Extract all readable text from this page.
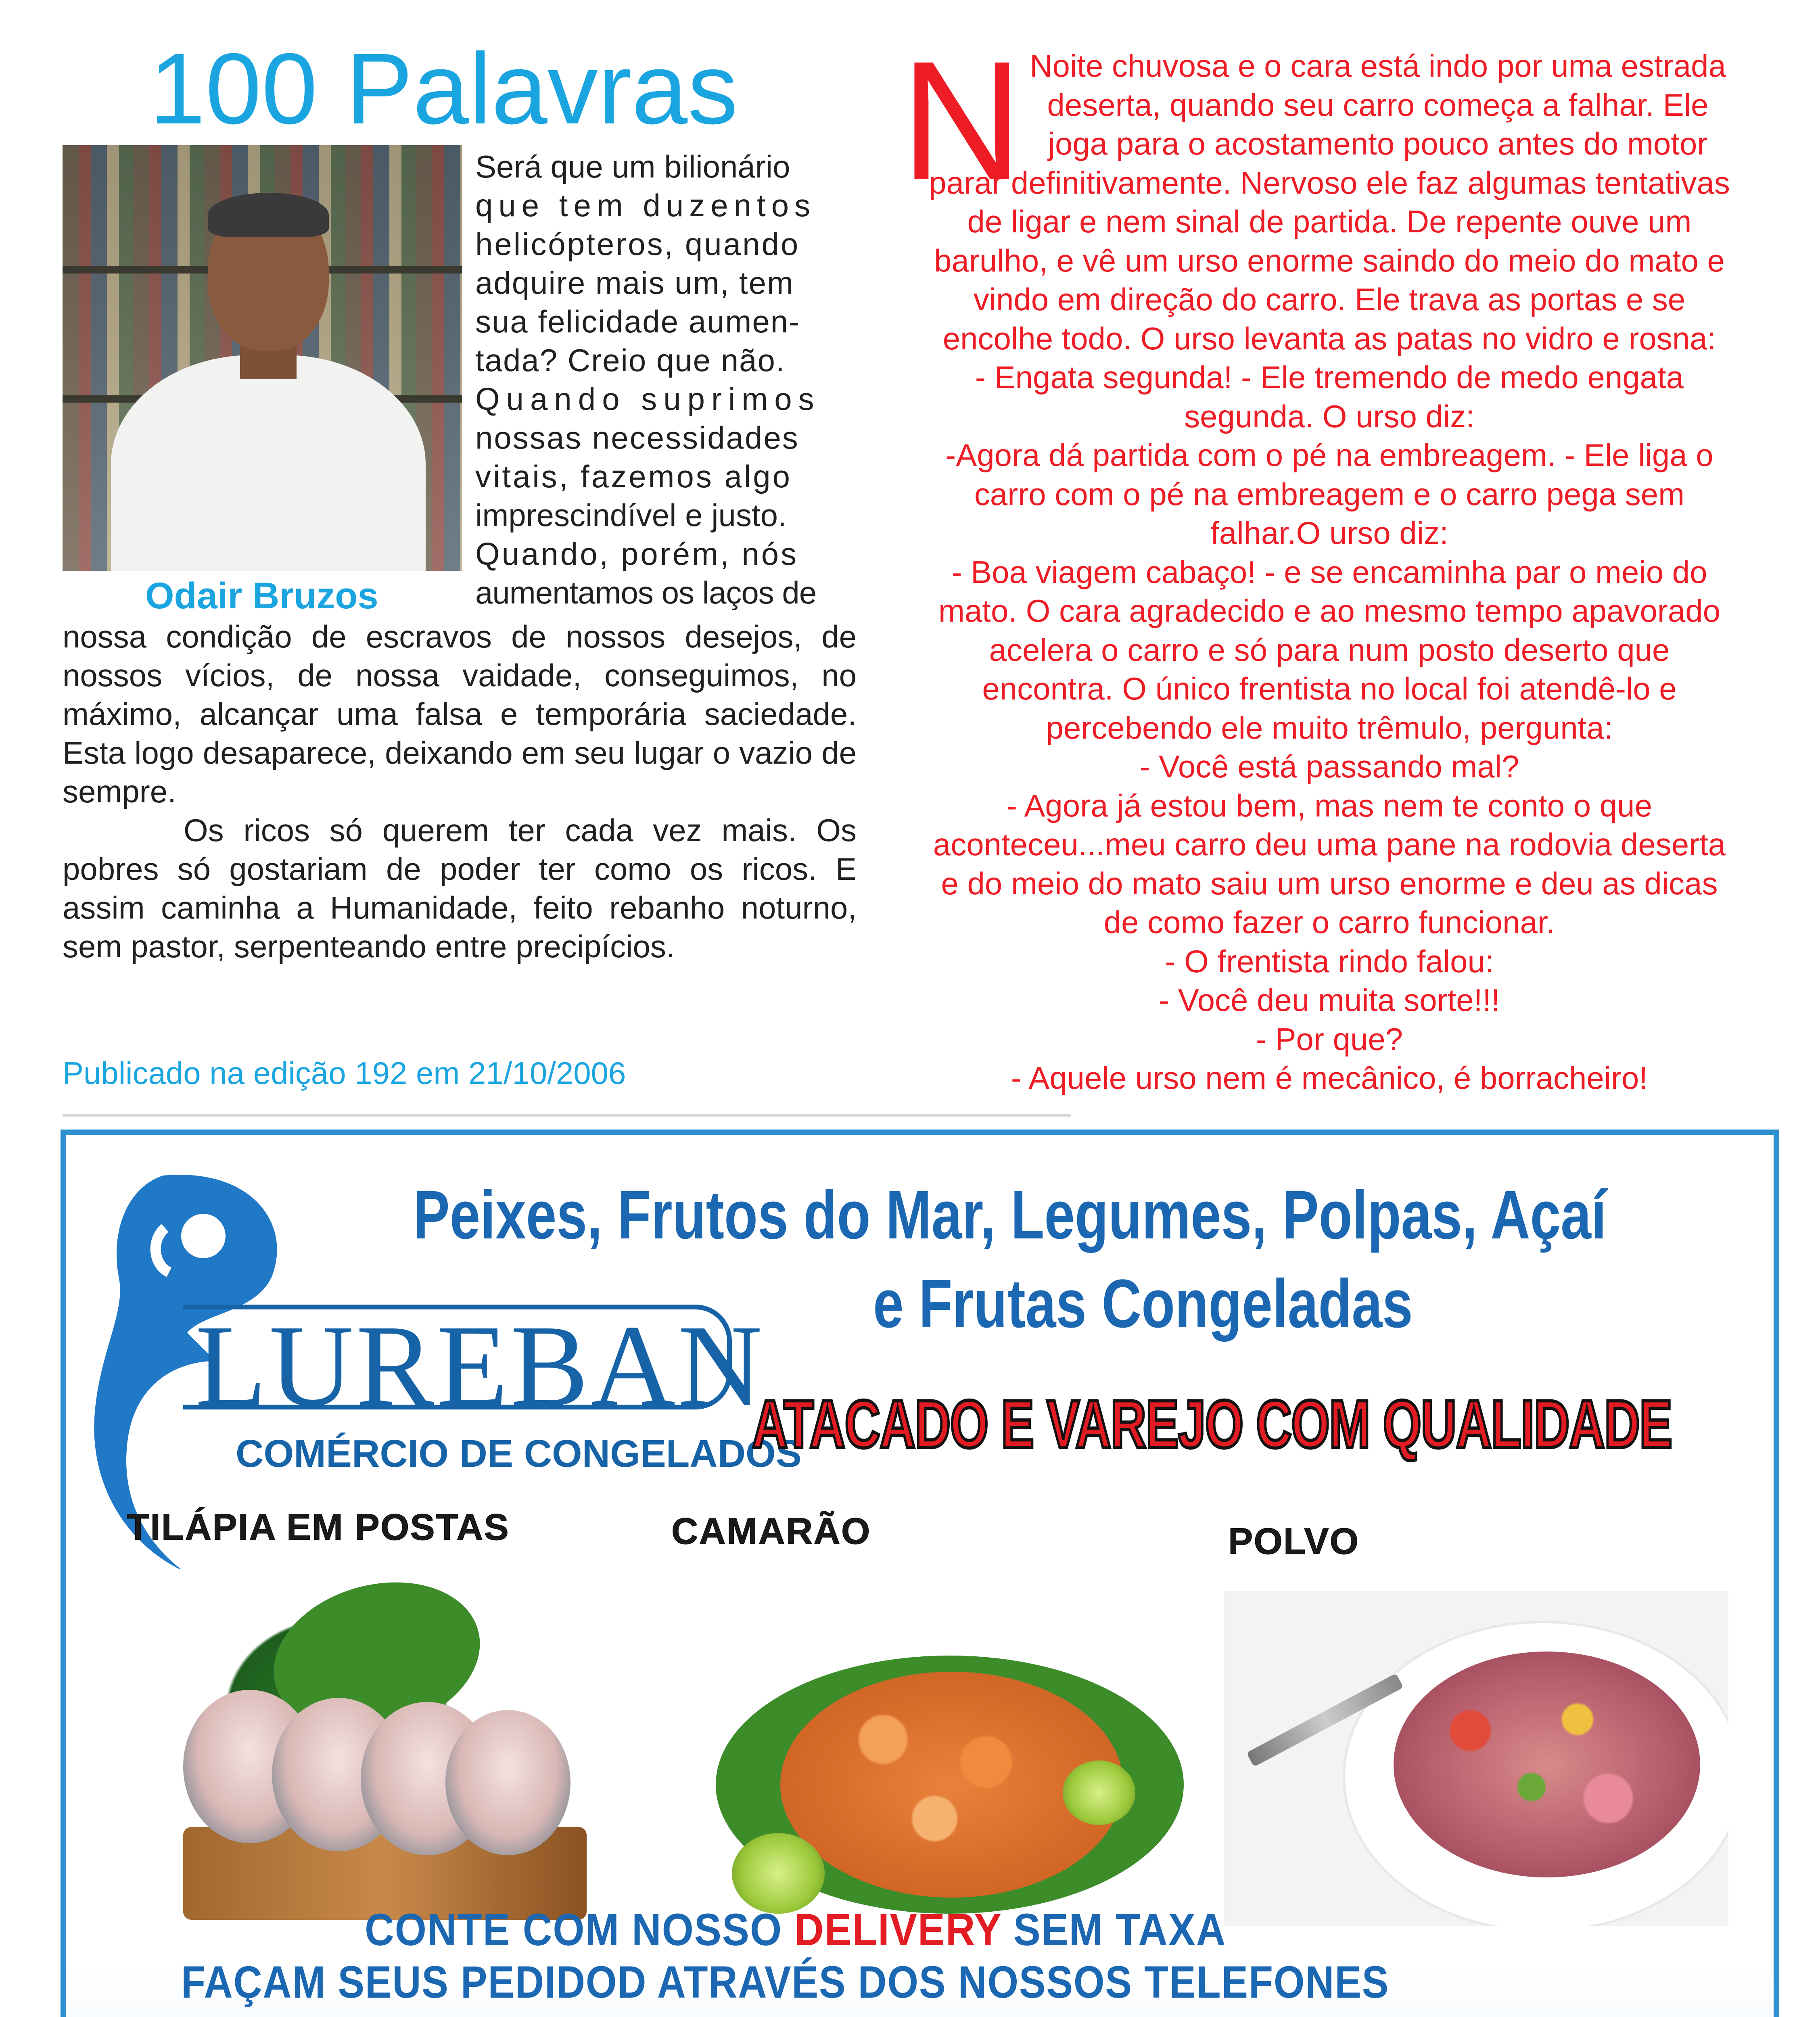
100 Palavras
Odair Bruzos
Será que um bilionário
que tem duzentos
helicópteros, quando
adquire mais um, tem
sua felicidade aumen-
tada? Creio que não.
Quando suprimos
nossas necessidades
vitais, fazemos algo
imprescindível e justo.
Quando, porém, nós
aumentamos os laços de

nossa condição de escravos de nossos desejos, de nossos vícios, de nossa vaidade, conseguimos, no máximo, alcançar uma falsa e temporária saciedade. Esta logo desaparece, deixando em seu lugar o vazio de sempre.

Os ricos só querem ter cada vez mais. Os pobres só gostariam de poder ter como os ricos. E assim caminha a Humanidade, feito rebanho noturno, sem pastor, serpenteando entre precipícios.

Publicado na edição 192 em 21/10/2006
N Noite chuvosa e o cara está indo por uma estrada

deserta, quando seu carro começa a falhar. Ele

joga para o acostamento pouco antes do motor

parar definitivamente. Nervoso ele faz algumas tentativas

de ligar e nem sinal de partida. De repente ouve um

barulho, e vê um urso enorme saindo do meio do mato e

vindo em direção do carro. Ele trava as portas e se

encolhe todo. O urso levanta as patas no vidro e rosna:

- Engata segunda! - Ele tremendo de medo engata

segunda. O urso diz:

-Agora dá partida com o pé na embreagem. - Ele liga o

carro com o pé na embreagem e o carro pega sem

falhar.O urso diz:

- Boa viagem cabaço! - e se encaminha par o meio do

mato. O cara agradecido e ao mesmo tempo apavorado

acelera o carro e só para num posto deserto que

encontra. O único frentista no local foi atendê-lo e

percebendo ele muito trêmulo, pergunta:

- Você está passando mal?

- Agora já estou bem, mas nem te conto o que

aconteceu...meu carro deu uma pane na rodovia deserta

e do meio do mato saiu um urso enorme e deu as dicas

de como fazer o carro funcionar.

- O frentista rindo falou:

- Você deu muita sorte!!!

- Por que?

- Aquele urso nem é mecânico, é borracheiro!

LUREBAN
COMÉRCIO DE CONGELADOS
Peixes, Frutos do Mar, Legumes, Polpas, Açaí
e Frutas Congeladas
ATACADO E VAREJO COM QUALIDADE
TILÁPIA EM POSTAS	CAMARÃO	POLVO
CONTE COM NOSSO DELIVERY SEM TAXA
FAÇAM SEUS PEDIDOD ATRAVÉS DOS NOSSOS TELEFONES
